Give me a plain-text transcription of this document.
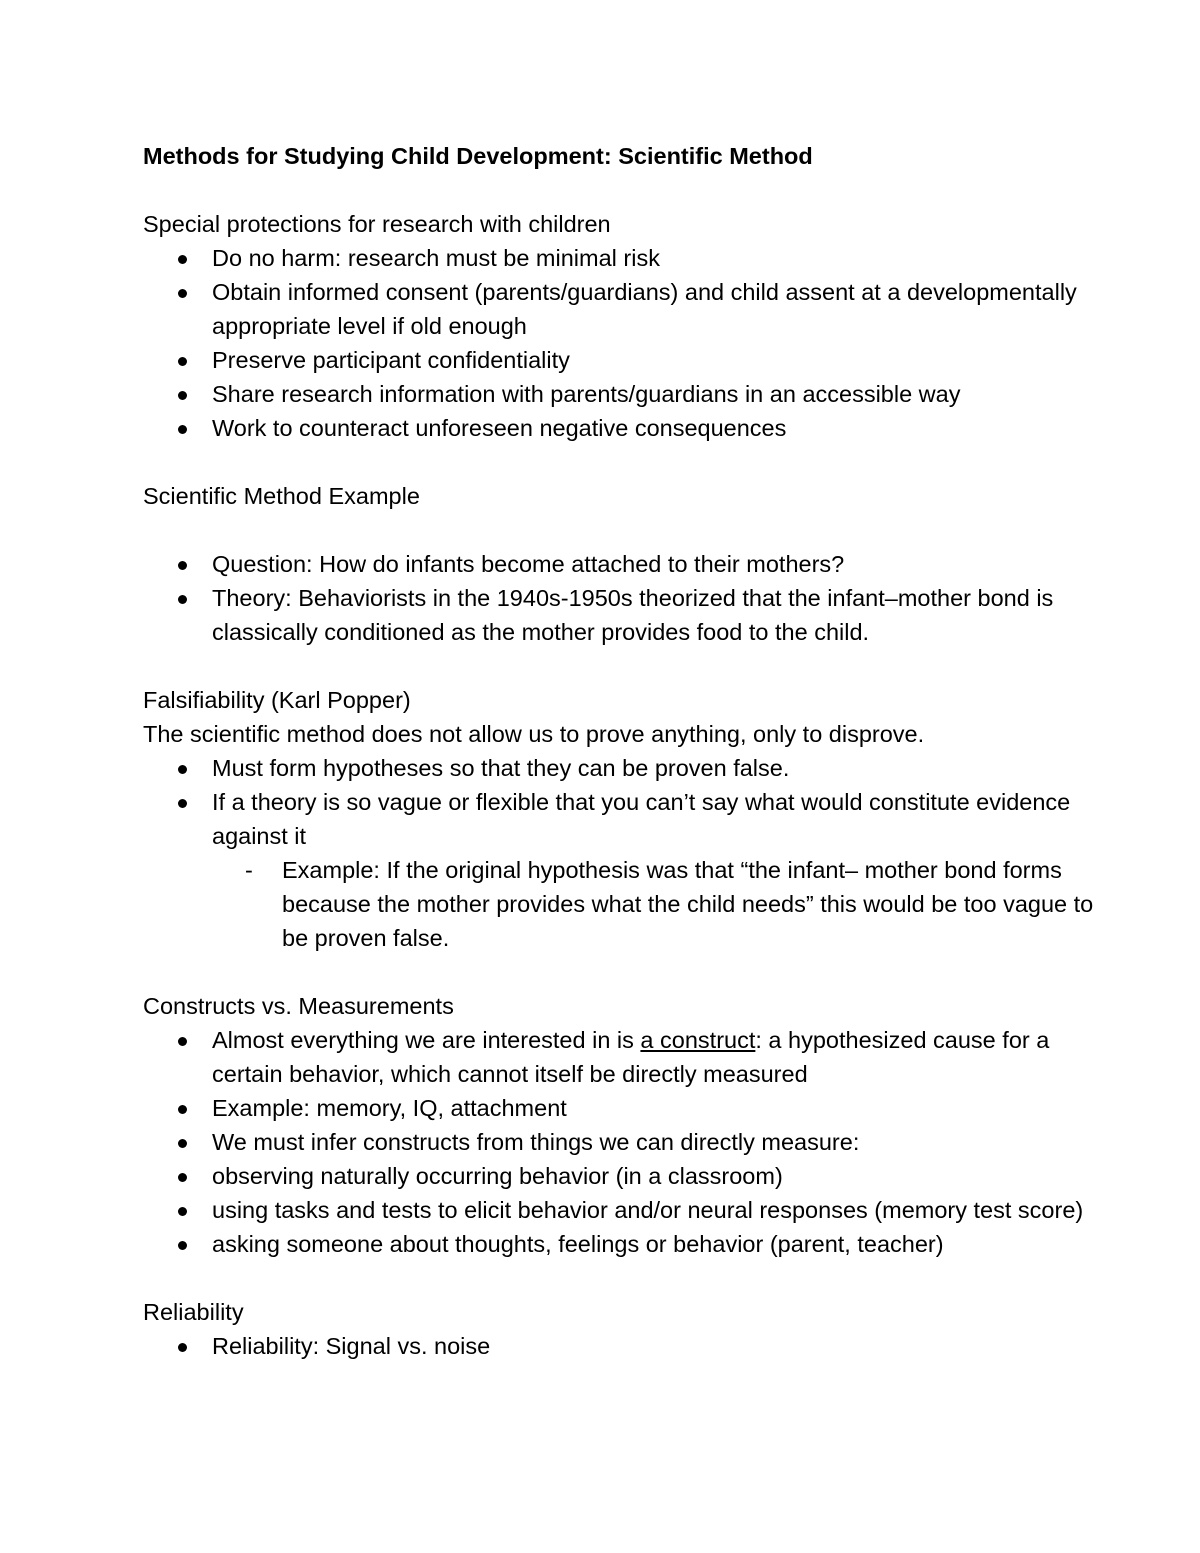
Methods for Studying Child Development: Scientific Method

Special protections for research with children

Do no harm: research must be minimal risk
Obtain informed consent (parents/guardians) and child assent at a developmentally appropriate level if old enough
Preserve participant confidentiality
Share research information with parents/guardians in an accessible way
Work to counteract unforeseen negative consequences

Scientific Method Example

Question: How do infants become attached to their mothers?
Theory: Behaviorists in the 1940s-1950s theorized that the infant–mother bond is classically conditioned as the mother provides food to the child.

Falsifiability (Karl Popper)

The scientific method does not allow us to prove anything, only to disprove.

Must form hypotheses so that they can be proven false.
If a theory is so vague or flexible that you can’t say what would constitute evidence against it
- Example: If the original hypothesis was that “the infant– mother bond forms because the mother provides what the child needs” this would be too vague to be proven false.

Constructs vs. Measurements

Almost everything we are interested in is a construct: a hypothesized cause for a certain behavior, which cannot itself be directly measured
Example: memory, IQ, attachment
We must infer constructs from things we can directly measure:
observing naturally occurring behavior (in a classroom)
using tasks and tests to elicit behavior and/or neural responses (memory test score)
asking someone about thoughts, feelings or behavior (parent, teacher)

Reliability

Reliability: Signal vs. noise
